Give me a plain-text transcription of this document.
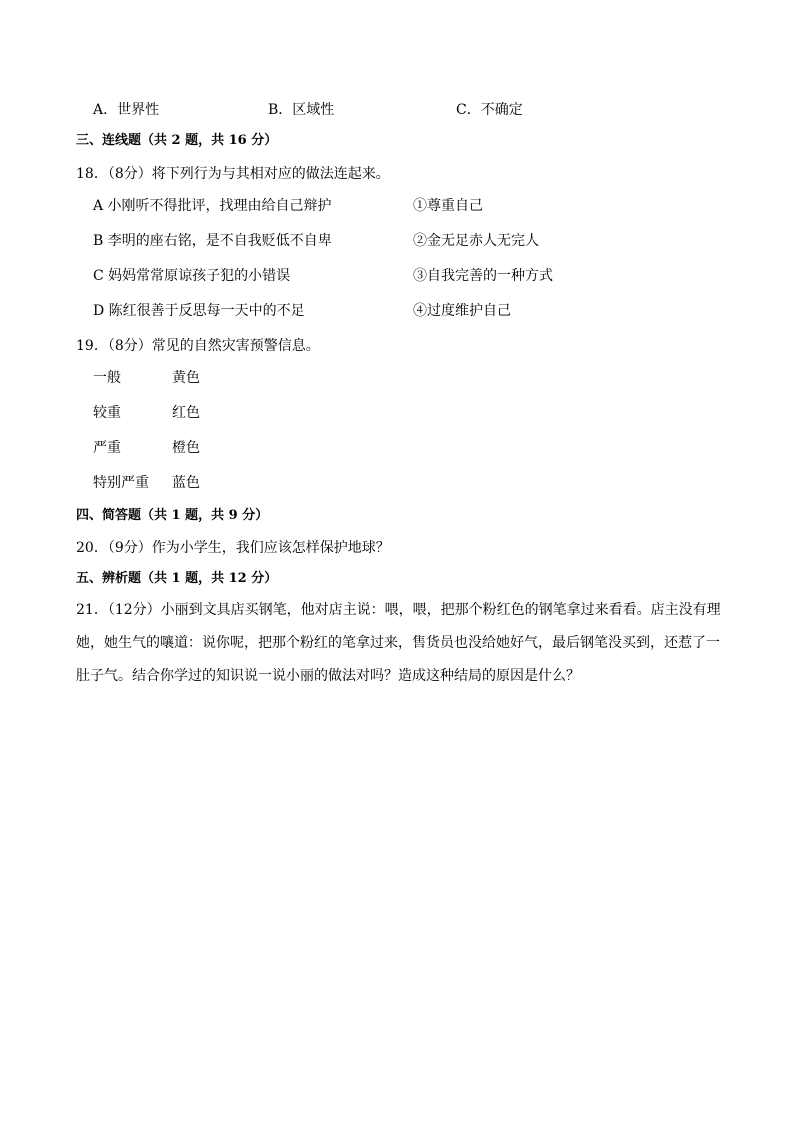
A．世界性	B．区域性	C．不确定
三、连线题（共 2 题，共 16 分）
18．（8分）将下列行为与其相对应的做法连起来。
A 小刚听不得批评，找理由给自己辩护	①尊重自己
B 李明的座右铭，是不自我贬低不自卑	②金无足赤人无完人
C 妈妈常常原谅孩子犯的小错误	③自我完善的一种方式
D 陈红很善于反思每一天中的不足	④过度维护自己
19．（8分）常见的自然灾害预警信息。
一般	黄色
较重	红色
严重	橙色
特别严重 蓝色
四、简答题（共 1 题，共 9 分）
20．（9分）作为小学生，我们应该怎样保护地球？
五、辨析题（共 1 题，共 12 分）
21．（12分）小丽到文具店买钢笔，他对店主说：喂，喂，把那个粉红色的钢笔拿过来看看。店主没有理她，她生气的嚷道：说你呢，把那个粉红的笔拿过来，售货员也没给她好气，最后钢笔没买到，还惹了一肚子气。结合你学过的知识说一说小丽的做法对吗？造成这种结局的原因是什么？
